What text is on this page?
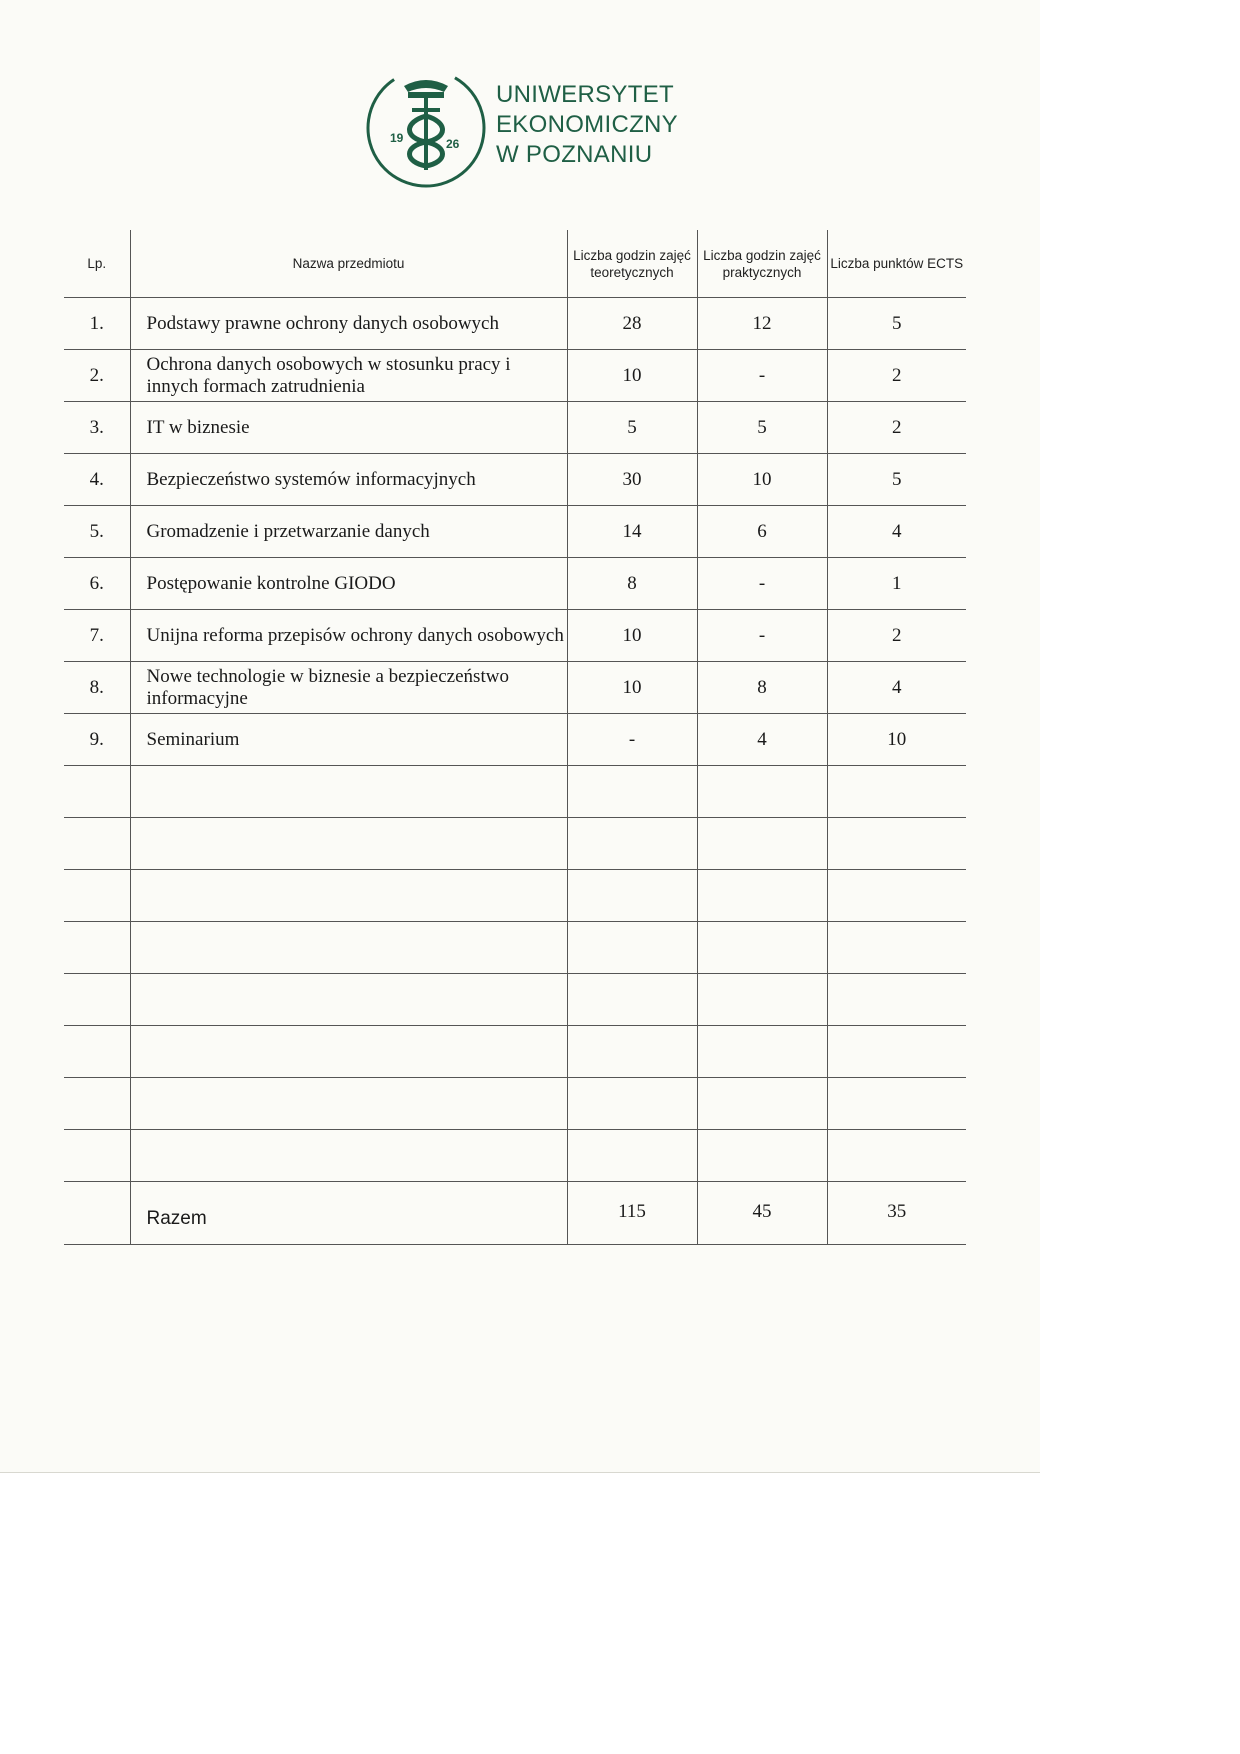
19	26
UNIWERSYTET
EKONOMICZNY
W POZNANIU
Lp.	Nazwa przedmiotu	Liczba godzin zajęć teoretycznych	Liczba godzin zajęć praktycznych	Liczba punktów ECTS
1.	Podstawy prawne ochrony danych osobowych	28	12	5
2.	Ochrona danych osobowych w stosunku pracy i innych formach zatrudnienia	10	-	2
3.	IT w biznesie	5	5	2
4.	Bezpieczeństwo systemów informacyjnych	30	10	5
5.	Gromadzenie i przetwarzanie danych	14	6	4
6.	Postępowanie kontrolne GIODO	8	-	1
7.	Unijna reforma przepisów ochrony danych osobowych	10	-	2
8.	Nowe technologie w biznesie a bezpieczeństwo informacyjne	10	8	4
9.	Seminarium	-	4	10

	Razem	115	45	35
